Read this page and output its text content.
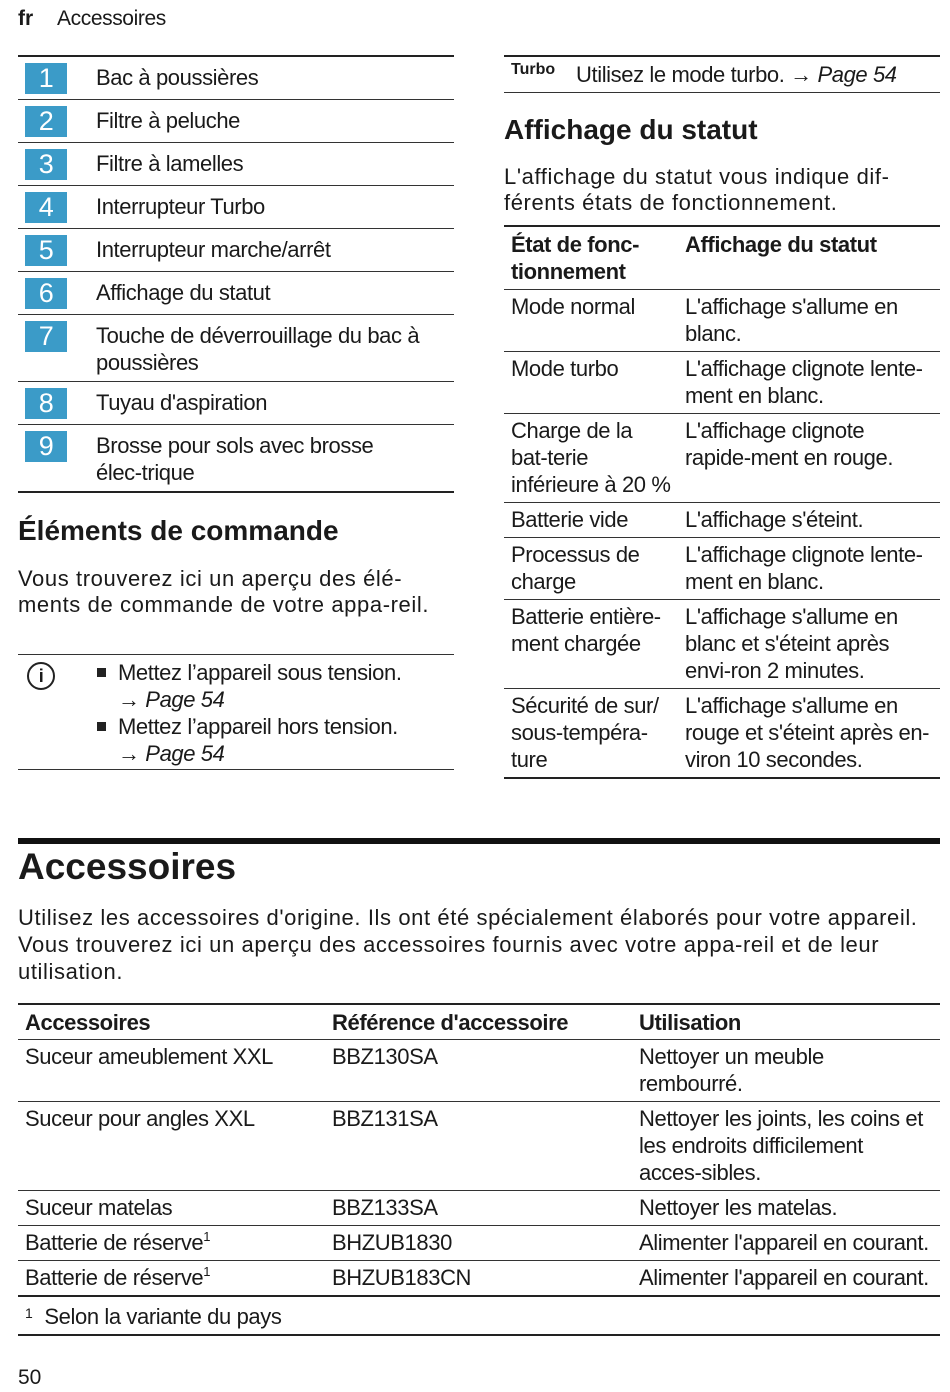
fr Accessoires
1	Bac à poussières
2	Filtre à peluche
3	Filtre à lamelles
4	Interrupteur Turbo
5	Interrupteur marche/arrêt
6	Affichage du statut
7	Touche de déverrouillage du bac à poussières
8	Tuyau d'aspiration
9	Brosse pour sols avec brosse élec-trique
Éléments de commande

Vous trouverez ici un aperçu des élé-ments de commande de votre appa-reil.

i	Mettez l’appareil sous tension.
→ Page 54
Mettez l’appareil hors tension.
→ Page 54
Turbo Utilisez le mode turbo. → Page 54
Affichage du statut

L'affichage du statut vous indique dif-férents états de fonctionnement.

État de fonc-tionnement	Affichage du statut
Mode normal	L'affichage s'allume en blanc.
Mode turbo	L'affichage clignote lente-ment en blanc.
Charge de la bat-terie inférieure à 20 %	L'affichage clignote rapide-ment en rouge.
Batterie vide	L'affichage s'éteint.
Processus de charge	L'affichage clignote lente-ment en blanc.
Batterie entière-ment chargée	L'affichage s'allume en blanc et s'éteint après envi-ron 2 minutes.
Sécurité de sur/ sous-tempéra-ture	L'affichage s'allume en rouge et s'éteint après en-viron 10 secondes.
Accessoires

Utilisez les accessoires d'origine. Ils ont été spécialement élaborés pour votre appareil. Vous trouverez ici un aperçu des accessoires fournis avec votre appa-reil et de leur utilisation.

Accessoires	Référence d'accessoire	Utilisation
Suceur ameublement XXL	BBZ130SA	Nettoyer un meuble rembourré.
Suceur pour angles XXL	BBZ131SA	Nettoyer les joints, les coins et les endroits difficilement acces-sibles.
Suceur matelas	BBZ133SA	Nettoyer les matelas.
Batterie de réserve$^1$	BHZUB1830	Alimenter l'appareil en courant.
Batterie de réserve$^1$	BHZUB183CN	Alimenter l'appareil en courant.
$^1$ Selon la variante du pays		
50
